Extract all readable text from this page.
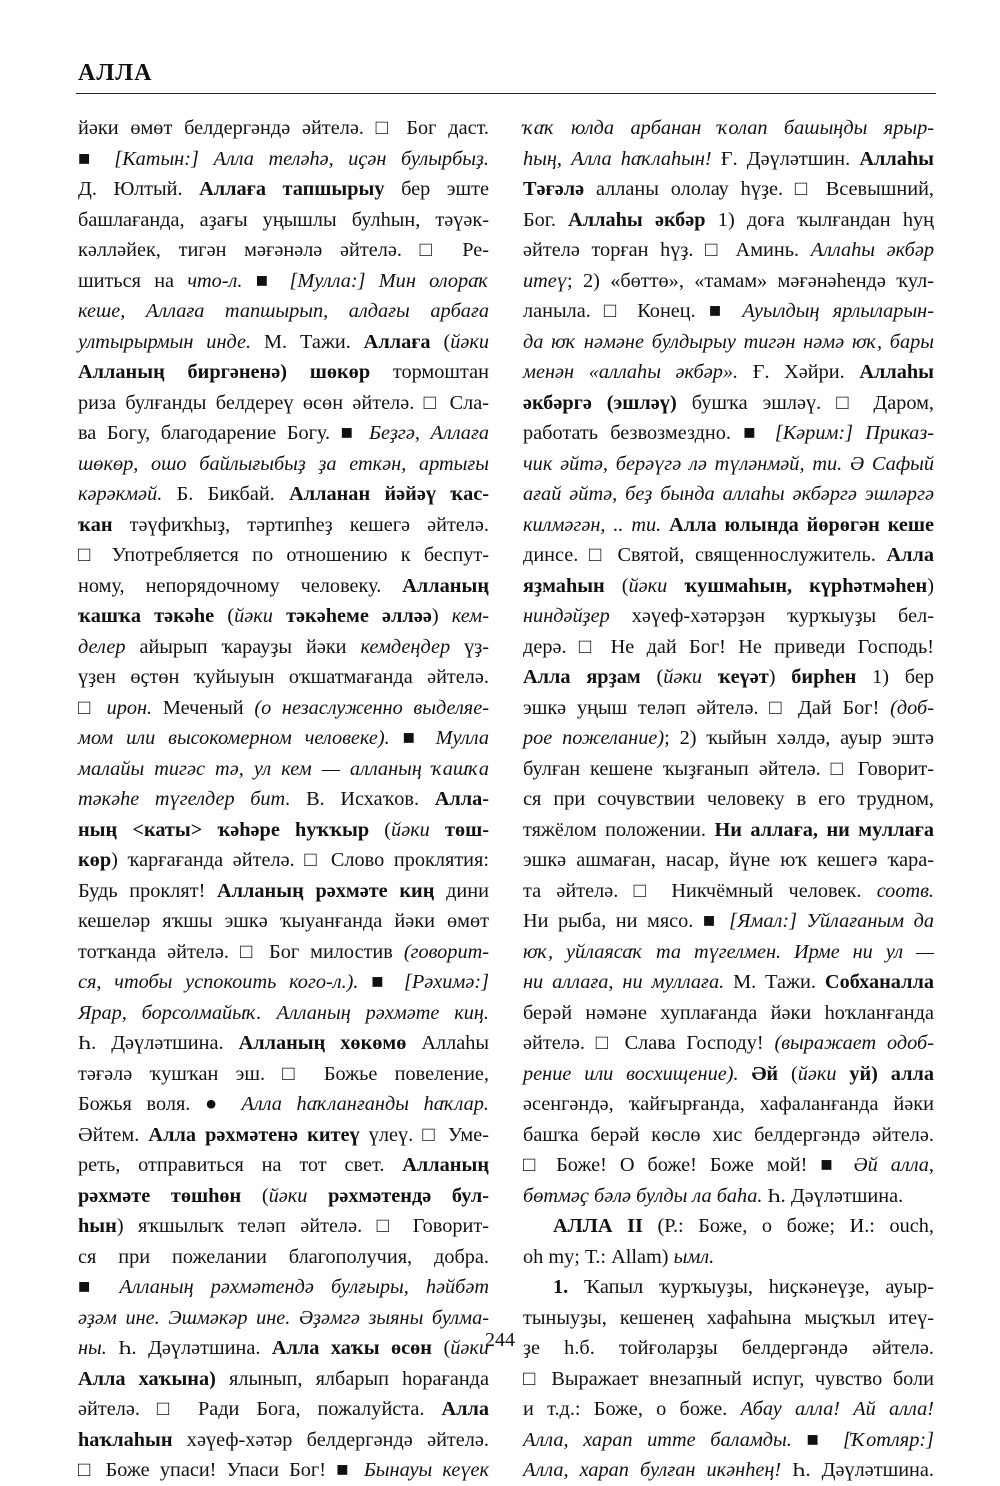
АЛЛА
йәки өмөт белдергәндә әйтелә. □ Бог даст.
■ [Катын:] Алла теләһә, иҫән булырбыҙ.
Д. Юлтый. Аллаға тапшырыу бер эште
башлағанда, аҙағы уңышлы булһын, тәүәк-
кәлләйек, тигән мәғәнәлә әйтелә. □ Ре-
шиться на что-л. ■ [Мулла:] Мин олораҡ
кеше, Аллаға тапшырып, алдағы арбаға
ултырырмын инде. М. Тажи. Аллаға (йәки
Алланың биргәненә) шөкөр тормоштан
риза булғанды белдереү өсөн әйтелә. □ Сла-
ва Богу, благодарение Богу. ■ Беҙгә, Аллаға
шөкөр, ошо байлығыбыҙ ҙа еткән, артығы
кәрәкмәй. Б. Бикбай. Алланан йәйәү ҡас-
ҡан тәүфиҡһыҙ, тәртипһеҙ кешегә әйтелә.
□ Употребляется по отношению к беспут-
ному, непорядочному человеку. Алланың
ҡашҡа тәкәһе (йәки тәкәһеме әлләə) кем-
делер айырып ҡарауҙы йәки кемдеңдер үҙ-
үҙен өҫтөн ҡуйыуын оҡшатмағанда әйтелә.
□ ирон. Меченый (о незаслуженно выделяе-
мом или высокомерном человеке). ■ Мулла
малайы тигәс тә, ул кем — алланың ҡашҡа
тәкәһе түгелдер бит. В. Исхаҡов. Алла-
ның <каты> ҡәһәре һуҡҡыр (йәки төш-
көр) ҡарғағанда әйтелә. □ Слово проклятия:
Будь проклят! Алланың рәхмәте киң дини
кешеләр яҡшы эшкә ҡыуанғанда йәки өмөт
тотҡанда әйтелә. □ Бог милостив (говорит-
ся, чтобы успокоить кого-л.). ■ [Рәхимә:]
Ярар, борсолмайыҡ. Алланың рәхмәте киң.
Һ. Дәүләтшина. Алланың хөкөмө Аллаһы
тәғәлә ҡушҡан эш. □ Божье повеление,
Божья воля. ● Алла һаҡланғанды һаҡлар.
Әйтем. Алла рәхмәтенә китеү үлеү. □ Уме-
реть, отправиться на тот свет. Алланың
рәхмәте төшһөн (йәки рәхмәтендә бул-
һын) яҡшылыҡ теләп әйтелә. □ Говорит-
ся при пожелании благополучия, добра.
■ Алланың рәхмәтендә булғыры, һәйбәт
әҙәм ине. Эшмәкәр ине. Әҙәмгә зыяны булма-
ны. Һ. Дәүләтшина. Алла хаҡы өсөн (йәки
Алла хаҡына) ялынып, ялбарып һорағанда
әйтелә. □ Ради Бога, пожалуйста. Алла
һаҡлаһын хәүеф-хәтәр белдергәндә әйтелә.
□ Боже упаси! Упаси Бог! ■ Бынауы кеүек
ҡаҡ юлда арбанан ҡолап башыңды ярыр-
һың, Алла һаҡлаһын! Ғ. Дәүләтшин. Аллаһы
Тәғәлә алланы ололау һүҙе. □ Всевышний,
Бог. Аллаһы әкбәр 1) доға ҡылғандан һуң
әйтелә торған һүҙ. □ Аминь. Аллаһы әкбәр
итеү; 2) «бөттө», «тамам» мәғәнәһендә ҡул-
ланыла. □ Конец. ■ Ауылдың ярлыларын-
да юҡ нәмәне булдырыу тигән нәмә юҡ, бары
менән «аллаһы әкбәр». Ғ. Хәйри. Аллаһы
әкбәргә (эшләү) бушҡа эшләү. □ Даром,
работать безвозмездно. ■ [Кәрим:] Приказ-
чик әйтә, берәүгә лә түләнмәй, ти. Ә Сафый
ағай әйтә, беҙ бында аллаһы әкбәргә эшләргә
килмәгән, .. ти. Алла юлында йөрөгән кеше
динсе. □ Святой, священнослужитель. Алла
яҙмаһын (йәки ҡушмаһын, күрһәтмәһен)
ниндәйҙер хәүеф-хәтәрҙән ҡурҡыуҙы бел-
дерә. □ Не дай Бог! Не приведи Господь!
Алла ярҙам (йәки ҡеүәт) бирһен 1) бер
эшкә уңыш теләп әйтелә. □ Дай Бог! (доб-
рое пожелание); 2) ҡыйын хәлдә, ауыр эштә
булған кешене ҡыҙғанып әйтелә. □ Говорит-
ся при сочувствии человеку в его трудном,
тяжёлом положении. Ни аллаға, ни муллаға
эшкә ашмаған, насар, йүне юҡ кешегә ҡара-
та әйтелә. □ Никчёмный человек. соотв.
Ни рыба, ни мясо. ■ [Ямал:] Уйлағаным да
юҡ, уйлаясаҡ та түгелмен. Ирме ни ул —
ни аллаға, ни муллаға. М. Тажи. Собханалла
берәй нәмәне хуплағанда йәки һоҡланғанда
әйтелә. □ Слава Господу! (выражает одоб-
рение или восхищение). Әй (йәки уй) алла
әсенгәндә, ҡайғырғанда, хафаланғанда йәки
башҡа берәй көслө хис белдергәндә әйтелә.
□ Боже! О боже! Боже мой! ■ Әй алла,
бөтмәҫ бәлә булды ла баһа. Һ. Дәүләтшина.
АЛЛА II (Р.: Боже, о боже; И.: ouch,
oh my; Т.: Allam) ымл.
1. Ҡапыл ҡурҡыуҙы, һиҫкәнеүҙе, ауыр-
тыныуҙы, кешенең хафаһына мыҫҡыл итеү-
ҙе һ.б. тойғоларҙы белдергәндә әйтелә.
□ Выражает внезапный испуг, чувство боли
и т.д.: Боже, о боже. Абау алла! Ай алла!
Алла, харап итте баламды. ■ [Ҡотляр:]
Алла, харап булған икәнһең! Һ. Дәүләтшина.
244
